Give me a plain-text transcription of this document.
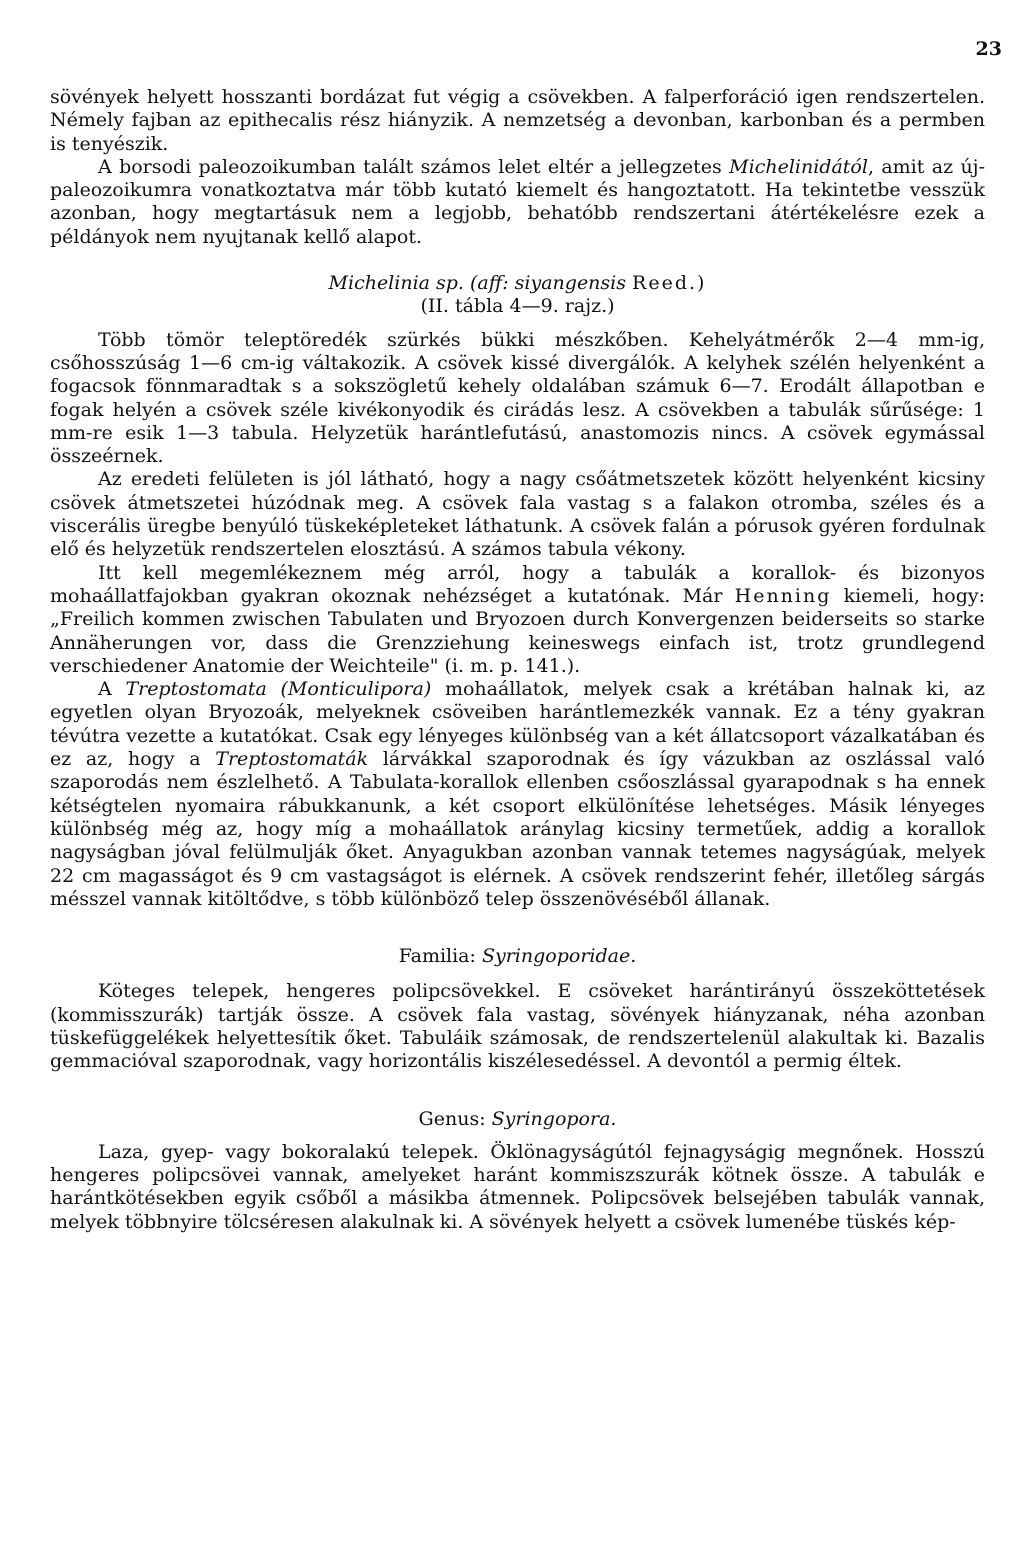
23

sövények helyett hosszanti bordázat fut végig a csövekben. A falperforáció igen rendszertelen. Némely fajban az epithecalis rész hiányzik. A nemzetség a devonban, karbonban és a permben is tenyészik.

A borsodi paleozoikumban talált számos lelet eltér a jellegzetes Michelinidától, amit az új-paleozoikumra vonatkoztatva már több kutató kiemelt és hangoztatott. Ha tekintetbe vesszük azonban, hogy megtartásuk nem a legjobb, behatóbb rendszertani átértékelésre ezek a példányok nem nyujtanak kellő alapot.

Michelinia sp. (aff: siyangensis Reed.)

(II. tábla 4—9. rajz.)

Több tömör teleptöredék szürkés bükki mészkőben. Kehelyátmérők 2—4 mm-ig, csőhosszúság 1—6 cm-ig váltakozik. A csövek kissé divergálók. A kelyhek szélén helyenként a fogacsok fönnmaradtak s a sokszögletű kehely oldalában számuk 6—7. Erodált állapotban e fogak helyén a csövek széle kivékonyodik és cirádás lesz. A csövekben a tabulák sűrűsége: 1 mm-re esik 1—3 tabula. Helyzetük harántlefutású, anastomozis nincs. A csövek egymással összeérnek.

Az eredeti felületen is jól látható, hogy a nagy csőátmetszetek között helyenként kicsiny csövek átmetszetei húzódnak meg. A csövek fala vastag s a falakon otromba, széles és a viscerális üregbe benyúló tüskeképleteket láthatunk. A csövek falán a pórusok gyéren fordulnak elő és helyzetük rendszertelen elosztású. A számos tabula vékony.

Itt kell megemlékeznem még arról, hogy a tabulák a korallok- és bizonyos mohaállatfajokban gyakran okoznak nehézséget a kutatónak. Már Henning kiemeli, hogy: „Freilich kommen zwischen Tabulaten und Bryozoen durch Konvergenzen beiderseits so starke Annäherungen vor, dass die Grenzziehung keineswegs einfach ist, trotz grundlegend verschiedener Anatomie der Weichteile" (i. m. p. 141.).

A Treptostomata (Monticulipora) mohaállatok, melyek csak a krétában halnak ki, az egyetlen olyan Bryozoák, melyeknek csöveiben harántlemezkék vannak. Ez a tény gyakran tévútra vezette a kutatókat. Csak egy lényeges különbség van a két állatcsoport vázalkatában és ez az, hogy a Treptostomaták lárvákkal szaporodnak és így vázukban az oszlással való szaporodás nem észlelhető. A Tabulata-korallok ellenben csőoszlással gyarapodnak s ha ennek kétségtelen nyomaira rábukkanunk, a két csoport elkülönítése lehetséges. Másik lényeges különbség még az, hogy míg a mohaállatok aránylag kicsiny termetűek, addig a korallok nagyságban jóval felülmulják őket. Anyagukban azonban vannak tetemes nagyságúak, melyek 22 cm magasságot és 9 cm vastagságot is elérnek. A csövek rendszerint fehér, illetőleg sárgás mésszel vannak kitöltődve, s több különböző telep összenövéséből állanak.

Familia: Syringoporidae.

Köteges telepek, hengeres polipcsövekkel. E csöveket harántirányú összeköttetések (kommisszurák) tartják össze. A csövek fala vastag, sövények hiányzanak, néha azonban tüskefüggelékek helyettesítik őket. Tabuláik számosak, de rendszertelenül alakultak ki. Bazalis gemmacióval szaporodnak, vagy horizontális kiszélesedéssel. A devontól a permig éltek.

Genus: Syringopora.

Laza, gyep- vagy bokoralakú telepek. Öklönagyságútól fejnagyságig megnőnek. Hosszú hengeres polipcsövei vannak, amelyeket haránt kommiszszurák kötnek össze. A tabulák e harántkötésekben egyik csőből a másikba átmennek. Polipcsövek belsejében tabulák vannak, melyek többnyire tölcséresen alakulnak ki. A sövények helyett a csövek lumenébe tüskés kép-
